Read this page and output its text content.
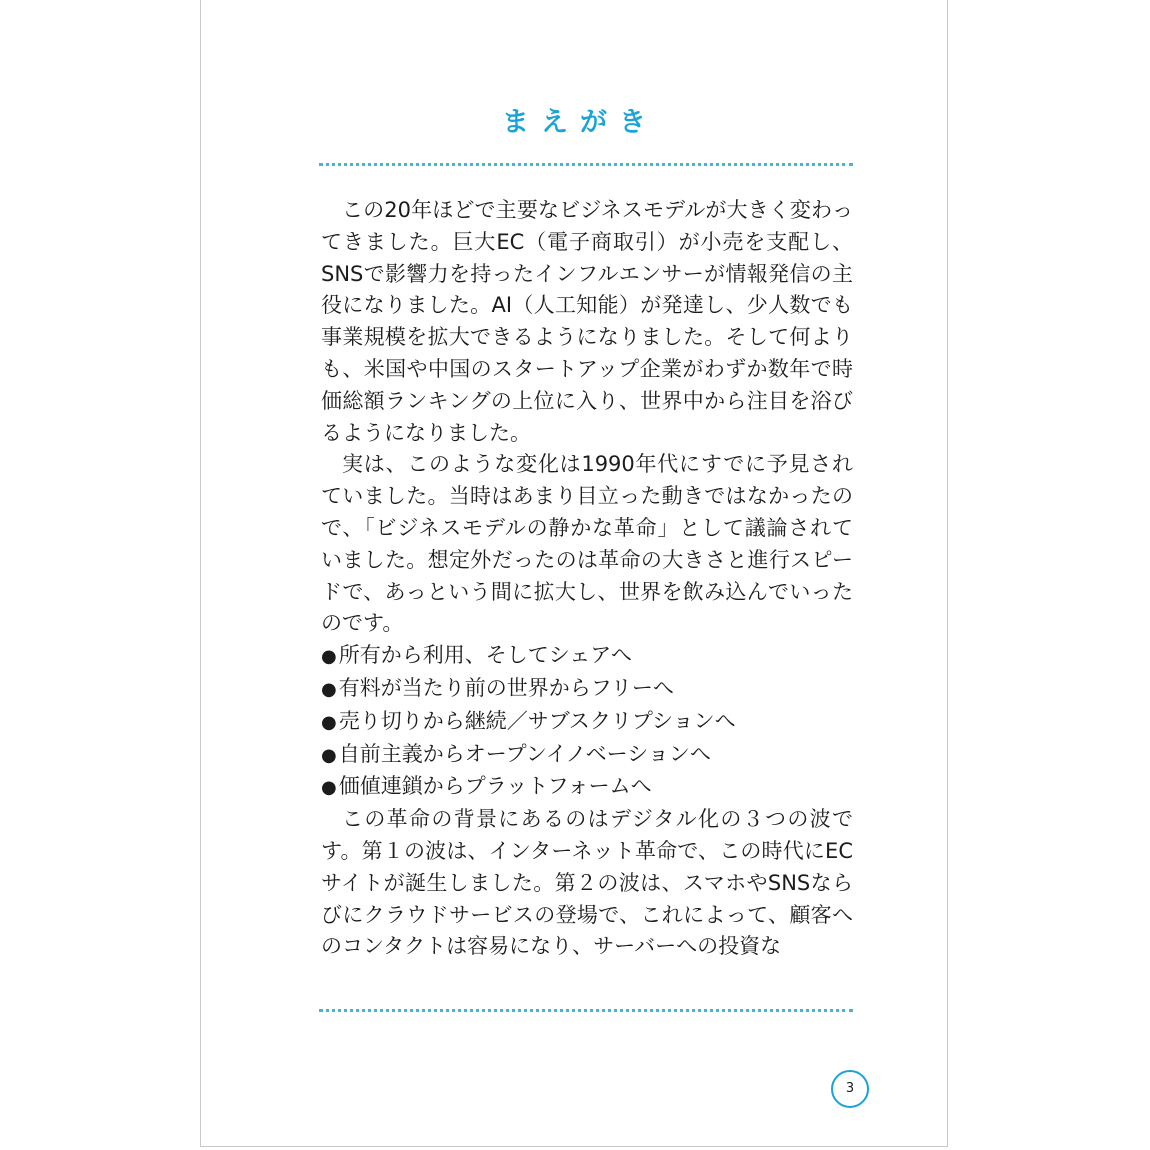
まえがき

この20年ほどで主要なビジネスモデルが大きく変わってきました。巨大EC（電子商取引）が小売を支配し、SNSで影響力を持ったインフルエンサーが情報発信の主役になりました。AI（人工知能）が発達し、少人数でも事業規模を拡大できるようになりました。そして何よりも、米国や中国のスタートアップ企業がわずか数年で時価総額ランキングの上位に入り、世界中から注目を浴びるようになりました。

実は、このような変化は1990年代にすでに予見されていました。当時はあまり目立った動きではなかったので、「ビジネスモデルの静かな革命」として議論されていました。想定外だったのは革命の大きさと進行スピードで、あっという間に拡大し、世界を飲み込んでいったのです。

●所有から利用、そしてシェアへ
●有料が当たり前の世界からフリーへ
●売り切りから継続／サブスクリプションへ
●自前主義からオープンイノベーションへ
●価値連鎖からプラットフォームへ

この革命の背景にあるのはデジタル化の３つの波です。第１の波は、インターネット革命で、この時代にECサイトが誕生しました。第２の波は、スマホやSNSならびにクラウドサービスの登場で、これによって、顧客へのコンタクトは容易になり、サーバーへの投資な

3
